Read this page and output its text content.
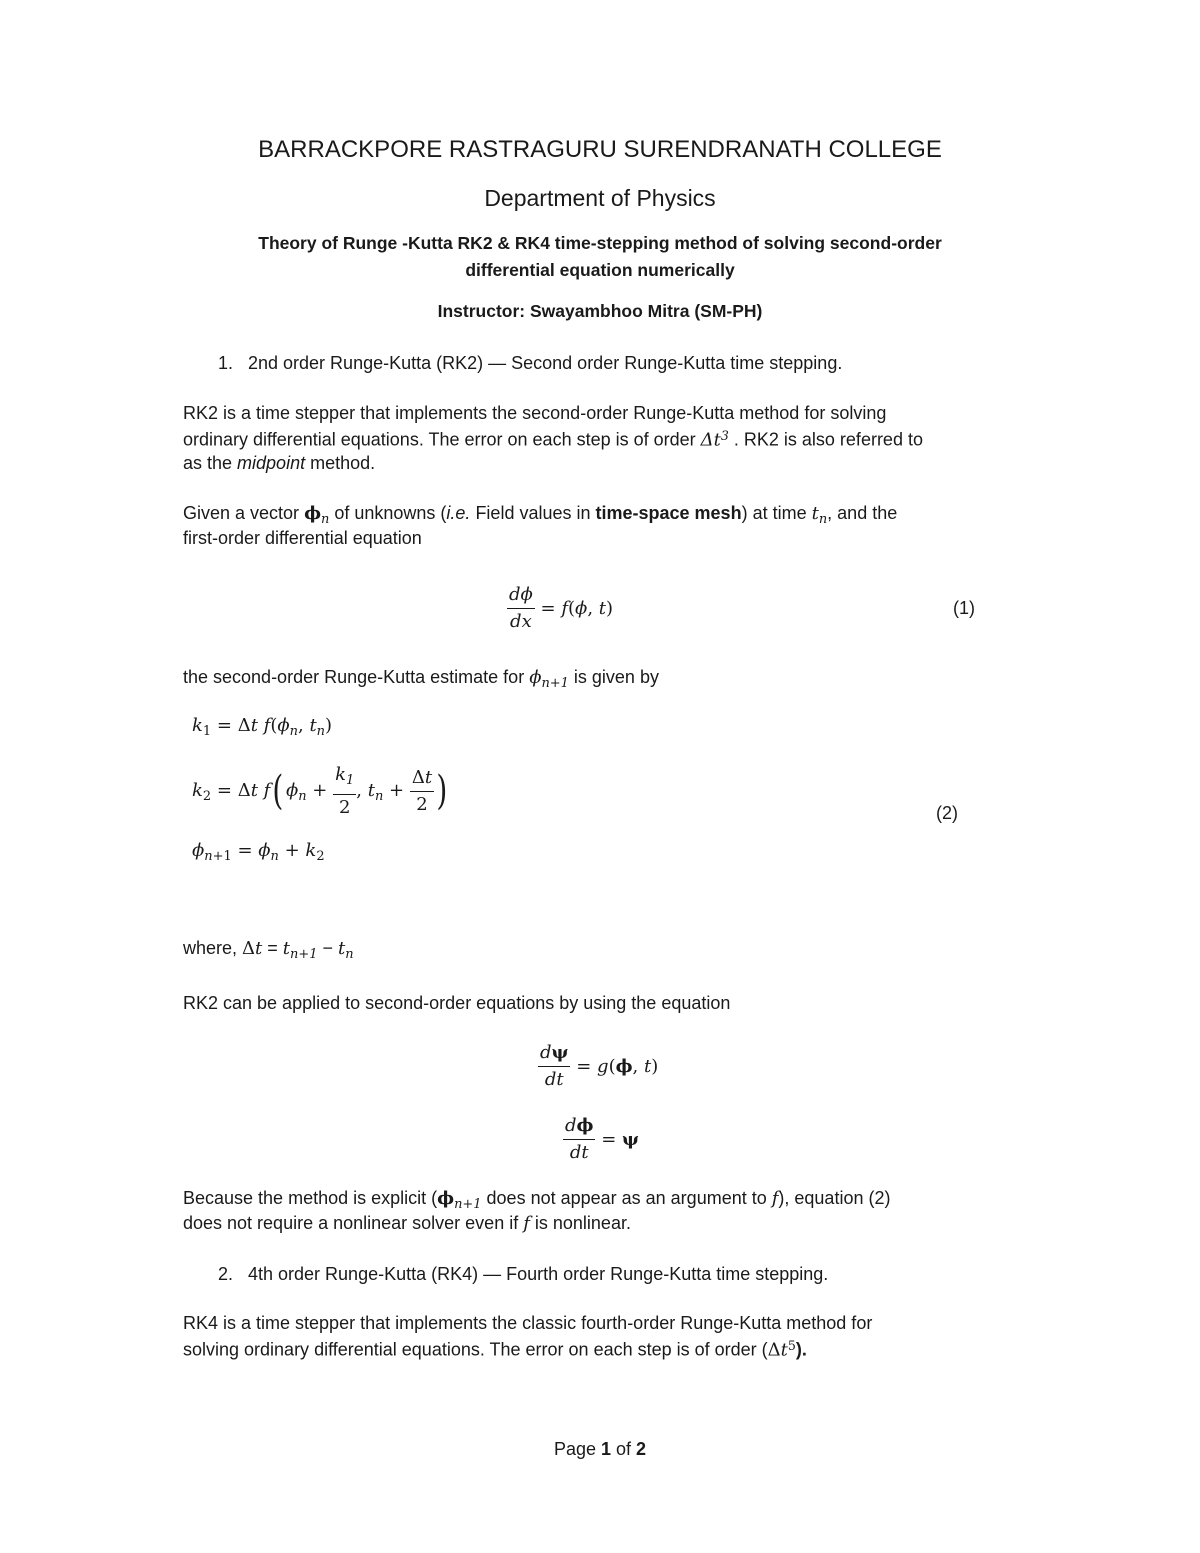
BARRACKPORE RASTRAGURU SURENDRANATH COLLEGE
Department of Physics
Theory of Runge -Kutta RK2 & RK4 time-stepping method of solving second-order
differential equation numerically
Instructor: Swayambhoo Mitra (SM-PH)
1. 2nd order Runge-Kutta (RK2) — Second order Runge-Kutta time stepping.
RK2 is a time stepper that implements the second-order Runge-Kutta method for solving
ordinary differential equations. The error on each step is of order $\Delta t^3$ . RK2 is also referred to
as the midpoint method.
Given a vector $\phi_n$ of unknowns (i.e. Field values in time-space mesh) at time $t_n$, and the
first-order differential equation
$\frac{d\phi}{dx} = f(\phi$, t)	(1)
the second-order Runge-Kutta estimate for $\phi_{n+1}$ is given by
$k_1 = \Delta t$ $f(\phi_n$, $t_n$)
$k_2 = \Delta t$ f( $\phi_n + \frac{k_1}{2}$ , $t_n + \frac{\Delta t}{2}$ )
$\phi_{n+1} = \phi_n + k_2$
(2)
where, $\Delta t = t_{n+1} - t_n$
RK2 can be applied to second-order equations by using the equation
$\frac{d\psi}{dt} = g(\phi$, t)
$\frac{d\phi}{dt} = \psi$
Because the method is explicit ($\phi_{n+1}$ does not appear as an argument to f), equation (2)
does not require a nonlinear solver even if f is nonlinear.
2. 4th order Runge-Kutta (RK4) — Fourth order Runge-Kutta time stepping.
RK4 is a time stepper that implements the classic fourth-order Runge-Kutta method for
solving ordinary differential equations. The error on each step is of order $(\Delta t^5)$.
Page 1 of 2
